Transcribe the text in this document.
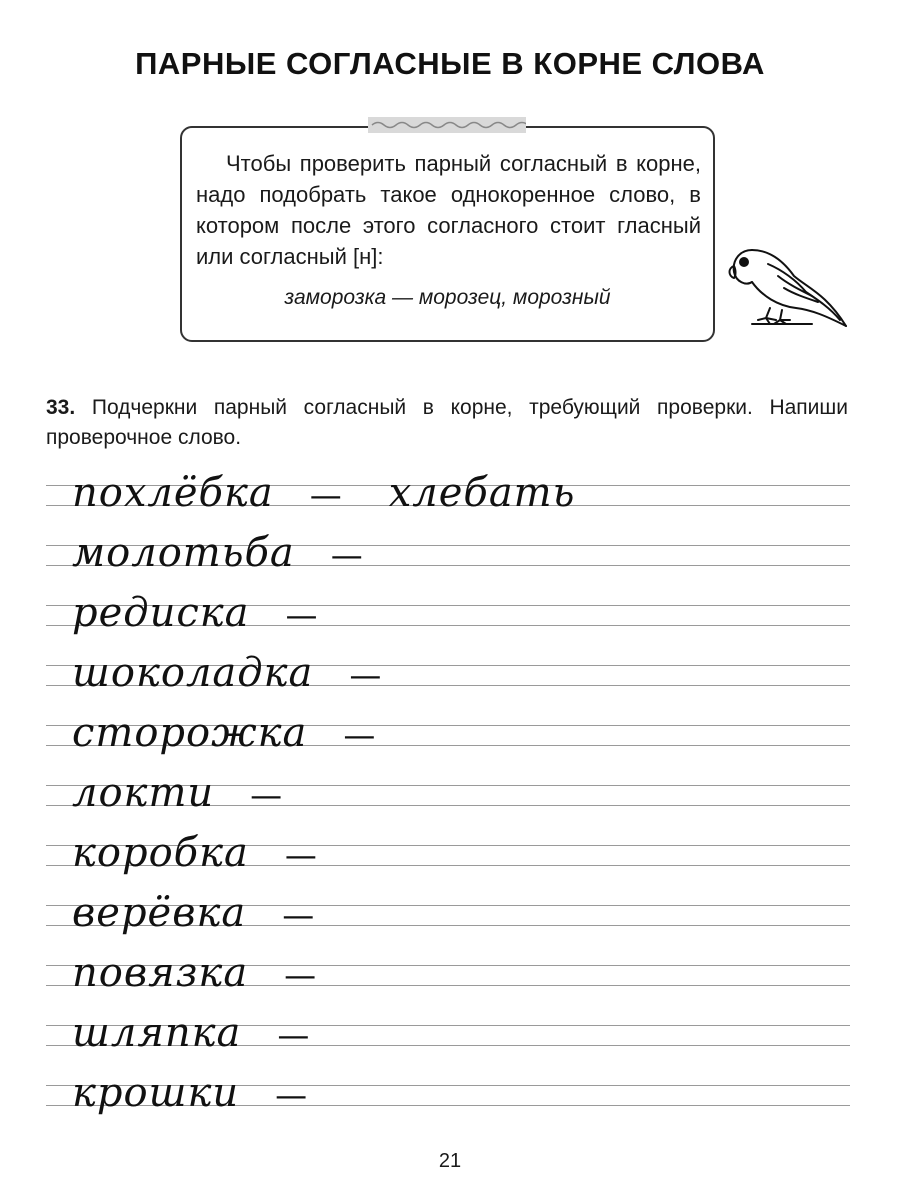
ПАРНЫЕ СОГЛАСНЫЕ В КОРНЕ СЛОВА

Чтобы проверить парный согласный в корне, надо подобрать такое однокоренное слово, в котором после этого согласного стоит гласный или согласный [н]:

заморозка — морозец, морозный
33. Подчеркни парный согласный в корне, требующий проверки. Напиши проверочное слово.
похлёбка — хлебать
молотьба —
редиска —
шоколадка —
сторожка —
локти —
коробка —
верёвка —
повязка —
шляпка —
крошки —
21
